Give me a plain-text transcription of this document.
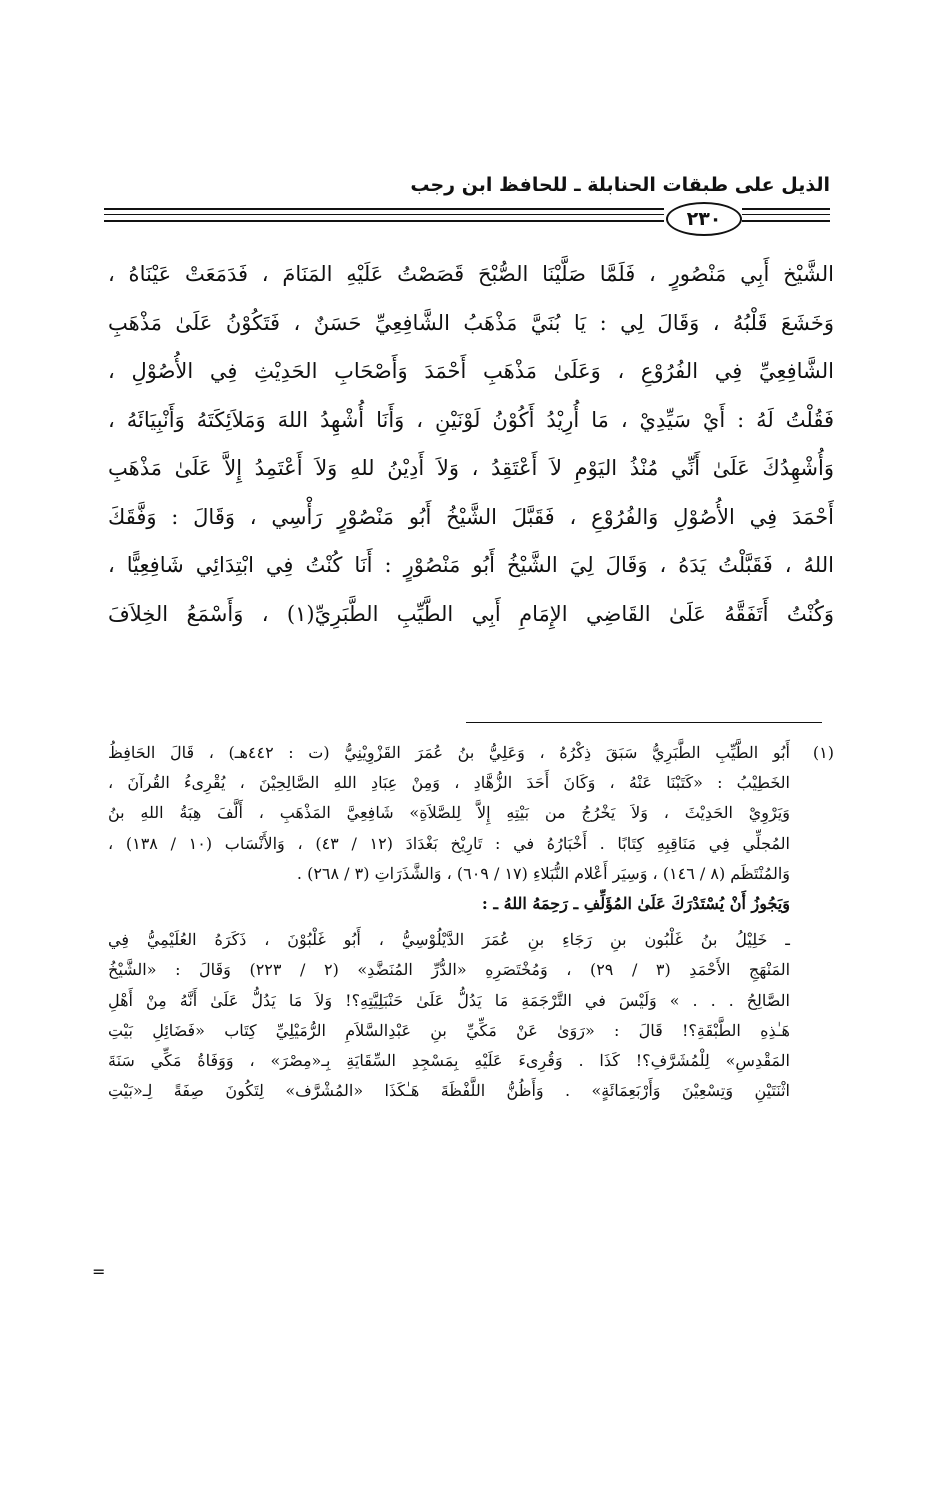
الذيل على طبقات الحنابلة ـ للحافظ ابن رجب
٢٣٠
الشَّيْخ أَبِي مَنْصُورٍ ، فَلَمَّا صَلَّيْنَا الصُّبْحَ قَصَصْتُ عَلَيْهِ المَنَامَ ، فَدَمَعَتْ عَيْنَاهُ ،
وَخَشَعَ قَلْبُهُ ، وَقَالَ لِي : يَا بُنَيَّ مَذْهَبُ الشَّافِعِيِّ حَسَنٌ ، فَتَكُوْنُ عَلَىٰ مَذْهَبِ
الشَّافِعِيِّ فِي الفُرُوْعِ ، وَعَلَىٰ مَذْهَبِ أَحْمَدَ وَأَصْحَابِ الحَدِيْثِ فِي الأُصُوْلِ ،
فَقُلْتُ لَهُ : أَيْ سَيِّدِيْ ، مَا أُرِيْدُ أَكُوْنُ لَوْنَيْنِ ، وَأَنَا أُشْهِدُ اللهَ وَمَلاَئِكَتَهُ وَأَنْبِيَائَهُ ،
وَأُشْهِدُكَ عَلَىٰ أَنِّي مُنْذُ اليَوْمِ لاَ أَعْتَقِدُ ، وَلاَ أَدِيْنُ للهِ وَلاَ أَعْتَمِدُ إِلاَّ عَلَىٰ مَذْهَبِ
أَحْمَدَ فِي الأُصُوْلِ وَالفُرُوْعِ ، فَقَبَّلَ الشَّيْخُ أَبُو مَنْصُوْرٍ رَأْسِي ، وَقَالَ : وَفَّقَكَ
اللهُ ، فَقَبَّلْتُ يَدَهُ ، وَقَالَ لِيَ الشَّيْخُ أَبُو مَنْصُوْرٍ : أَنَا كُنْتُ فِي ابْتِدَائِي شَافِعِيًّا ،
وَكُنْتُ أَتَفَقَّهُ عَلَىٰ القَاضِي الإِمَامِ أَبِي الطَّيِّبِ الطَّبَرِيِّ(١) ، وَأَسْمَعُ الخِلاَفَ
(١)أَبُو الطَّيِّبِ الطَّبَرِيُّ سَبَقَ ذِكْرُهُ ، وَعَلِيُّ بنُ عُمَرَ القَزْوِيْنِيُّ (ت : ٤٤٢هـ) ، قَالَ الحَافِظُ
الخَطِيْبُ : «كَتَبْنَا عَنْهُ ، وَكَانَ أَحَدَ الزُّهَّادِ ، وَمِنْ عِبَادِ اللهِ الصَّالِحِيْنَ ، يُقْرِىءُ القُرآنَ ،
وَيَرْوِيْ الحَدِيْثَ ، وَلاَ يَخْرُجُ من بَيْتِهِ إِلاَّ لِلصَّلاَةِ» شَافِعِيَّ المَذْهَبِ ، أَلَّفَ هِبَةُ اللهِ بنُ
المُجلِّي فِي مَنَاقِبِهِ كِتَابًا . أَخْبَارُهُ في : تَارِيْخ بَغْدَادَ (١٢ / ٤٣) ، وَالأَنْسَاب (١٠ / ١٣٨) ،
وَالمُنْتَظَم (٨ / ١٤٦) ، وَسِيَر أَعْلام النُّبَلاءِ (١٧ / ٦٠٩) ، وَالشَّذَرَاتِ (٣ / ٢٦٨) .
وَيَجُوزُ أَنْ يُسْتَدْرَكَ عَلَىٰ المُؤَلِّفِ ـ رَحِمَهُ اللهُ ـ :
ـ خَلِيْلُ بنُ غَلْبُون بنِ رَجَاءِ بنِ عُمَرَ الدَّيْلُوْسِيُّ ، أَبُو غَلْبُوْنَ ، ذَكَرَهُ العُلَيْمِيُّ فِي
المَنْهَجِ الأَحْمَدِ (٣ / ٢٩) ، وَمُخْتَصَرِهِ «الدُّرِّ المُنَضَّدِ» (٢ / ٢٢٣) وَقَالَ : «الشَّيْخُ
الصَّالِحُ . . . » وَلَيْسَ في التَّرْجَمَةِ مَا يَدُلُّ عَلَىٰ حَنْبَلِيَّتِهِ؟! وَلاَ مَا يَدُلُّ عَلَىٰ أَنَّهُ مِنْ أَهْلِ
هَـٰذِهِ الطَّبْقَةِ؟! قَالَ : «رَوَىٰ عَنْ مَكِّيِّ بنِ عَبْدِالسَّلاَمِ الرُّمَيْلِيِّ كِتَاب «فَضَائِلِ بَيْتِ
المَقْدِسِ» لِلْمُشَرَّفِ؟! كَذَا . وَقُرِىءَ عَلَيْهِ بِمَسْجِدِ السِّقَايَةِ بِـ«مِصْرَ» ، وَوَفَاةُ مَكِّي سَنَةَ
اثْنَتَيْنِ وَتِسْعِيْنَ وَأَرْبَعِمَائَةٍ» . وَأَظُنُّ اللَّفْظَةَ هَـٰكَذَا «المُشْرَّف» لِتَكُونَ صِفَةً لِـ«بَيْتِ
=
